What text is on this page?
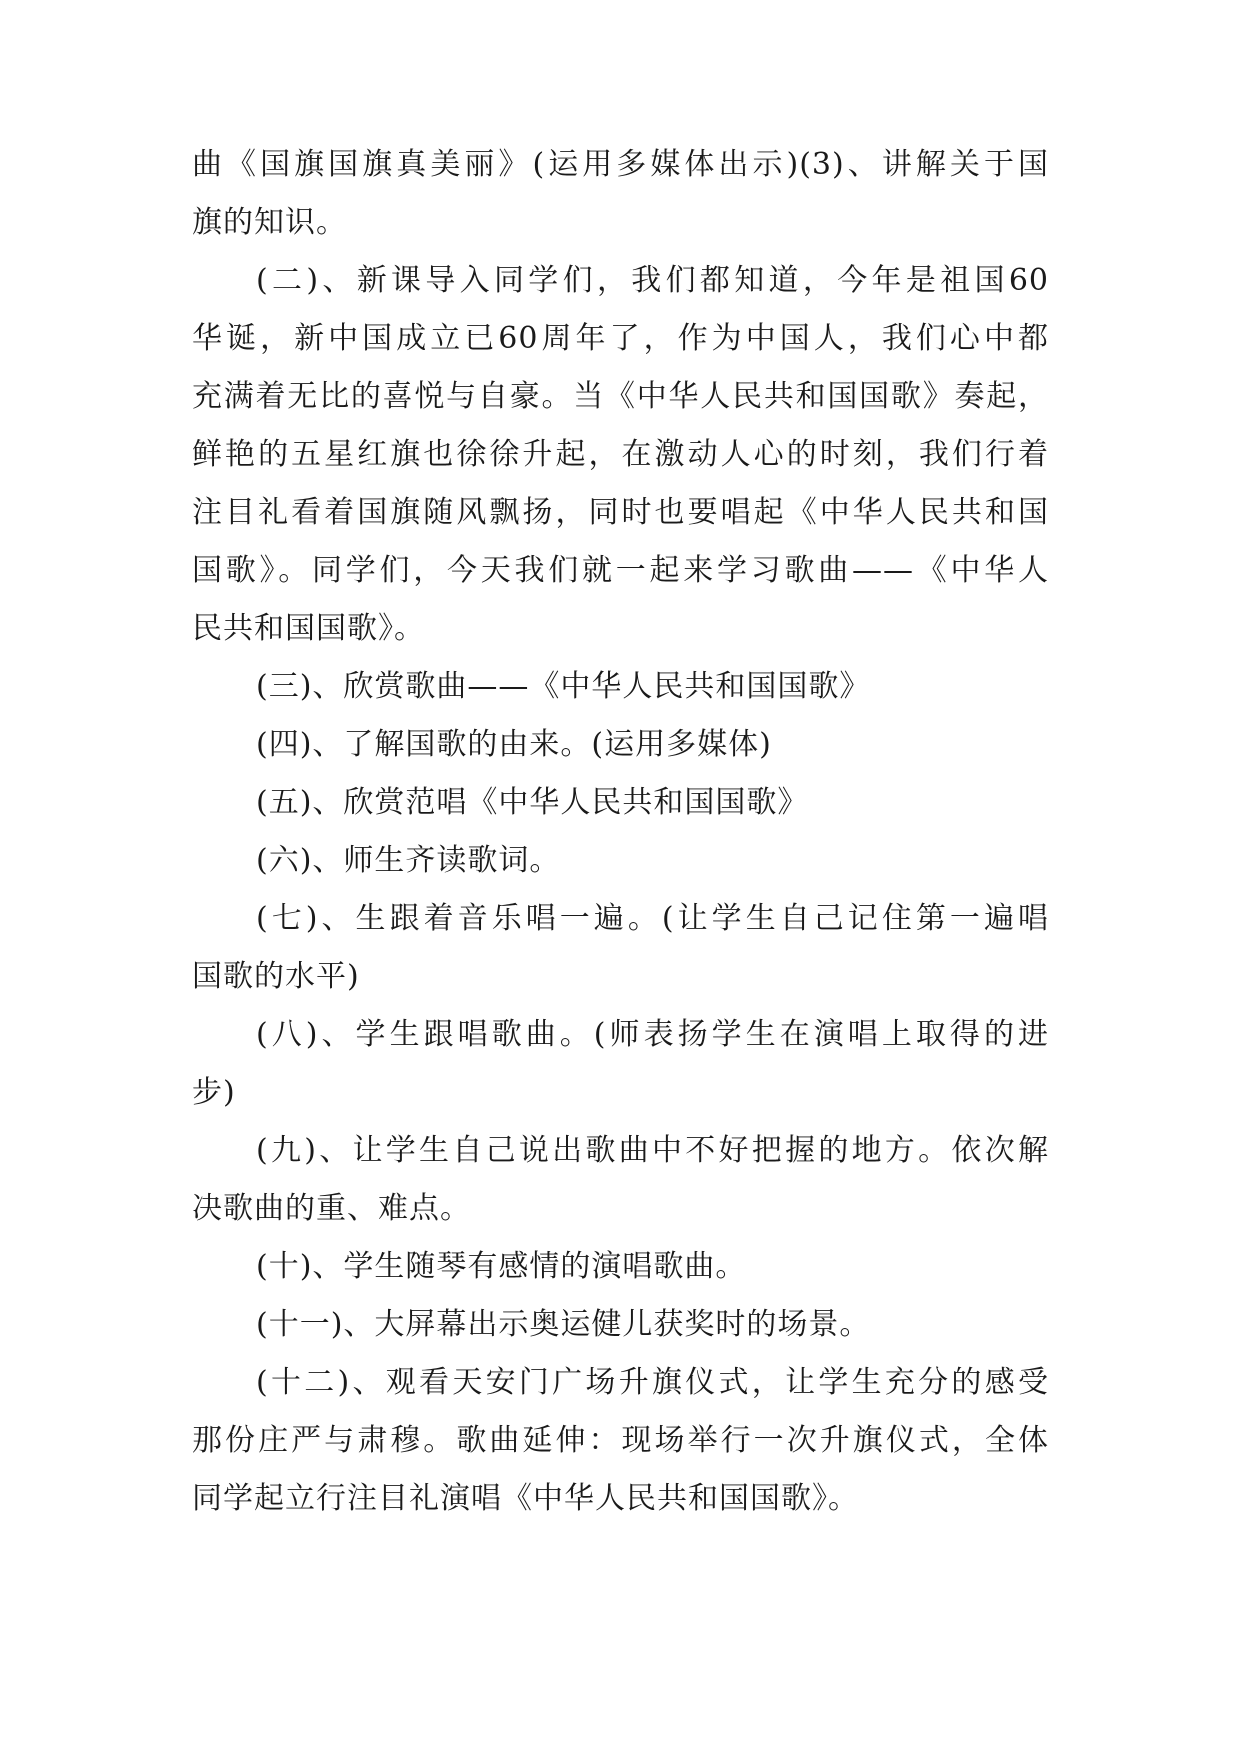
曲《国旗国旗真美丽》(运用多媒体出示)(3)、讲解关于国
旗的知识。
(二)、新课导入同学们，我们都知道，今年是祖国60
华诞，新中国成立已60周年了，作为中国人，我们心中都
充满着无比的喜悦与自豪。当《中华人民共和国国歌》奏起，
鲜艳的五星红旗也徐徐升起，在激动人心的时刻，我们行着
注目礼看着国旗随风飘扬，同时也要唱起《中华人民共和国
国歌》。同学们，今天我们就一起来学习歌曲——《中华人
民共和国国歌》。
(三)、欣赏歌曲——《中华人民共和国国歌》
(四)、了解国歌的由来。(运用多媒体)
(五)、欣赏范唱《中华人民共和国国歌》
(六)、师生齐读歌词。
(七)、生跟着音乐唱一遍。(让学生自己记住第一遍唱
国歌的水平)
(八)、学生跟唱歌曲。(师表扬学生在演唱上取得的进
步)
(九)、让学生自己说出歌曲中不好把握的地方。依次解
决歌曲的重、难点。
(十)、学生随琴有感情的演唱歌曲。
(十一)、大屏幕出示奥运健儿获奖时的场景。
(十二)、观看天安门广场升旗仪式，让学生充分的感受
那份庄严与肃穆。歌曲延伸：现场举行一次升旗仪式，全体
同学起立行注目礼演唱《中华人民共和国国歌》。
